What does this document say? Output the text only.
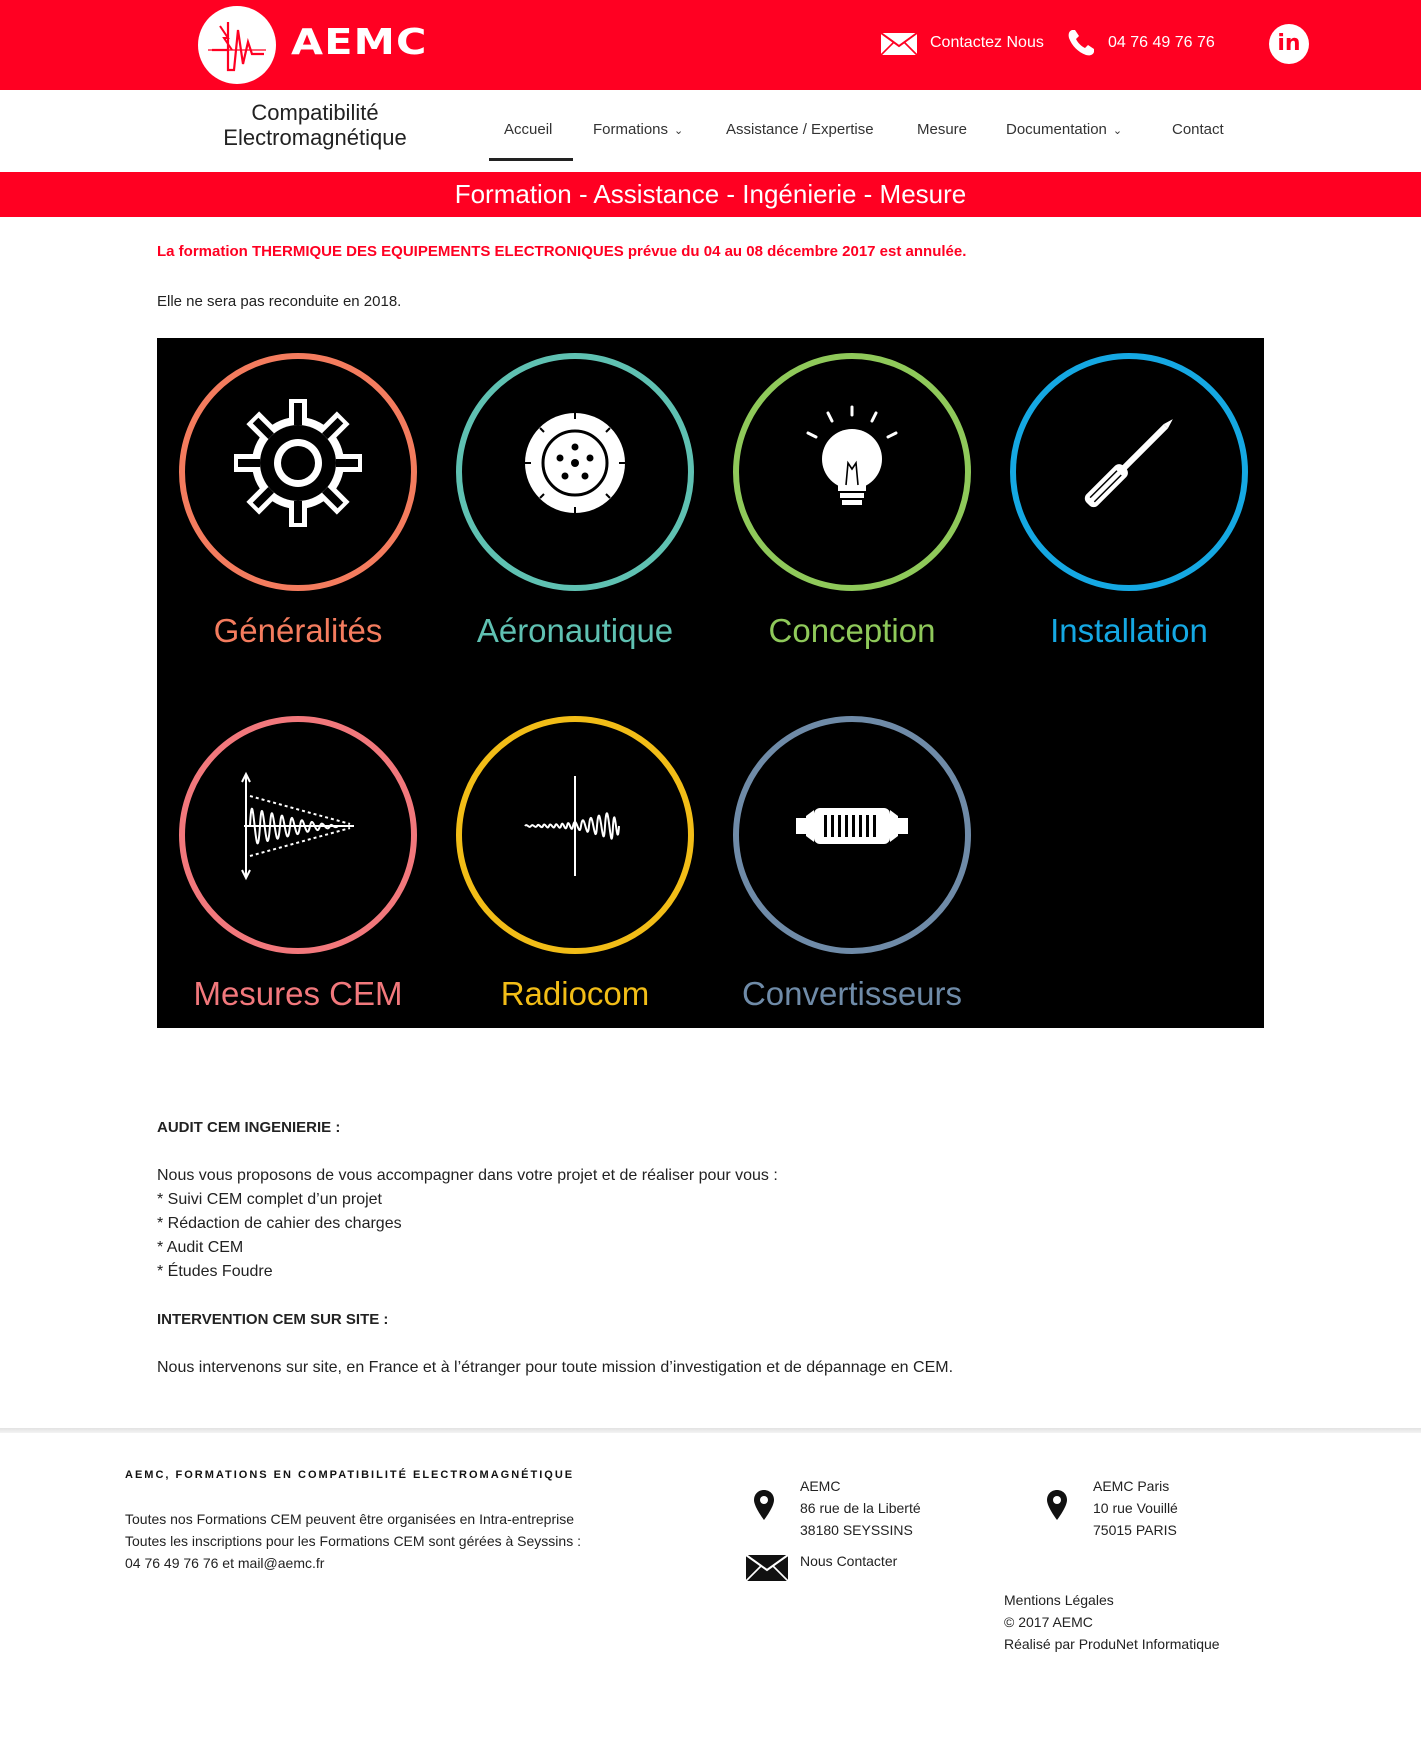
AEMC	Contactez Nous	04 76 49 76 76	in
Compatibilité
Electromagnétique	Accueil	Formations ⌄	Assistance / Expertise	Mesure	Documentation ⌄	Contact
Formation - Assistance - Ingénierie - Mesure
La formation THERMIQUE DES EQUIPEMENTS ELECTRONIQUES prévue du 04 au 08 décembre 2017 est annulée.
Elle ne sera pas reconduite en 2018.
Généralités	Aéronautique	Conception	Installation
Mesures CEM	Radiocom	Convertisseurs
AUDIT CEM INGENIERIE :
Nous vous proposons de vous accompagner dans votre projet et de réaliser pour vous :
* Suivi CEM complet d’un projet
* Rédaction de cahier des charges
* Audit CEM
* Études Foudre
INTERVENTION CEM SUR SITE :
Nous intervenons sur site, en France et à l’étranger pour toute mission d’investigation et de dépannage en CEM.
AEMC, FORMATIONS EN COMPATIBILITÉ ELECTROMAGNÉTIQUE
Toutes nos Formations CEM peuvent être organisées en Intra-entreprise
Toutes les inscriptions pour les Formations CEM sont gérées à Seyssins :
04 76 49 76 76 et mail@aemc.fr
AEMC
86 rue de la Liberté
38180 SEYSSINS
Nous Contacter
AEMC Paris
10 rue Vouillé
75015 PARIS
Mentions Légales
© 2017 AEMC
Réalisé par ProduNet Informatique
